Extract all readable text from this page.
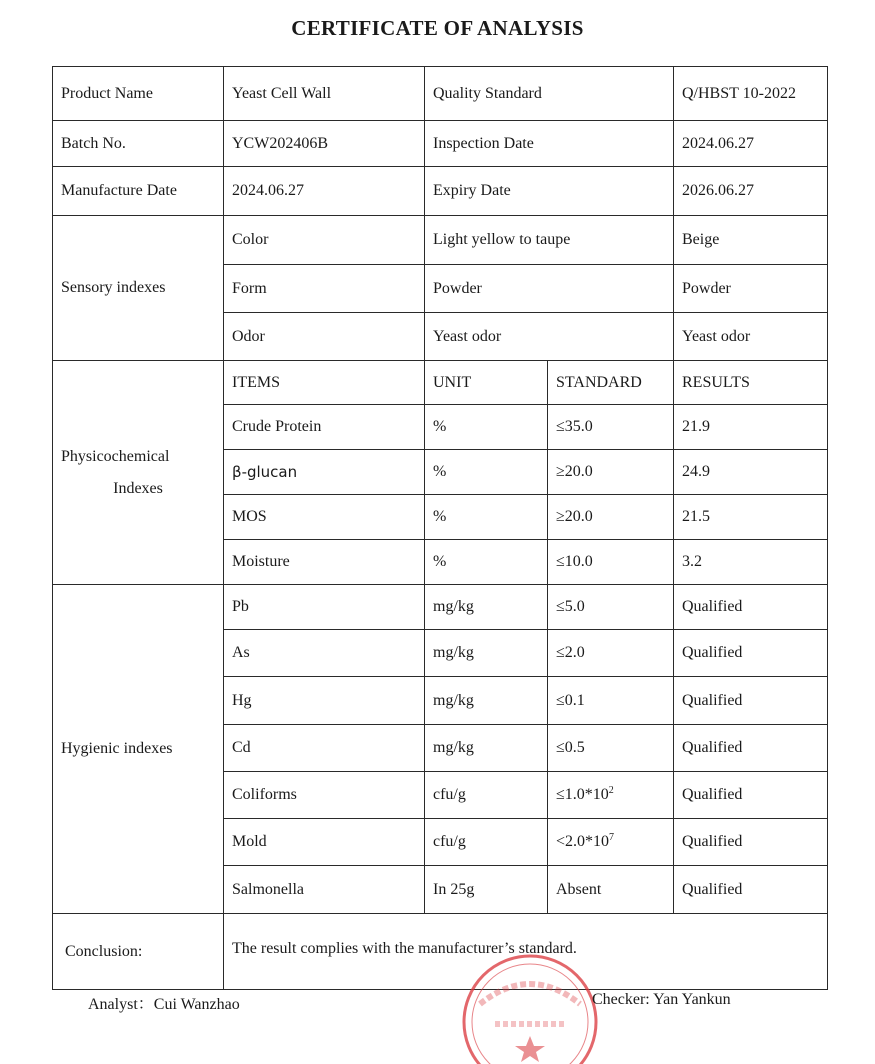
CERTIFICATE OF ANALYSIS
Product Name	Yeast Cell Wall	Quality Standard		Q/HBST 10-2022
Batch No.	YCW202406B	Inspection Date		2024.06.27
Manufacture Date	2024.06.27	Expiry Date		2026.06.27
Sensory indexes	Color	Light yellow to taupe		Beige
	Form	Powder		Powder
	Odor	Yeast odor		Yeast odor

Physicochemical
Indexes	ITEMS	UNIT	STANDARD	RESULTS
	Crude Protein	%	≤35.0	21.9
	β-glucan	%	≥20.0	24.9
	MOS	%	≥20.0	21.5
	Moisture	%	≤10.0	3.2
Hygienic indexes	Pb	mg/kg	≤5.0	Qualified
	As	mg/kg	≤2.0	Qualified
	Hg	mg/kg	≤0.1	Qualified
	Cd	mg/kg	≤0.5	Qualified
	Coliforms	cfu/g	$\le 1.0*10^2$	Qualified
	Mold	cfu/g	$<2.0*10^7$	Qualified
	Salmonella	In 25g	Absent	Qualified
Conclusion:	The result complies with the manufacturer’s standard.			
Analyst：Cui Wanzhao	Checker: Yan Yankun
